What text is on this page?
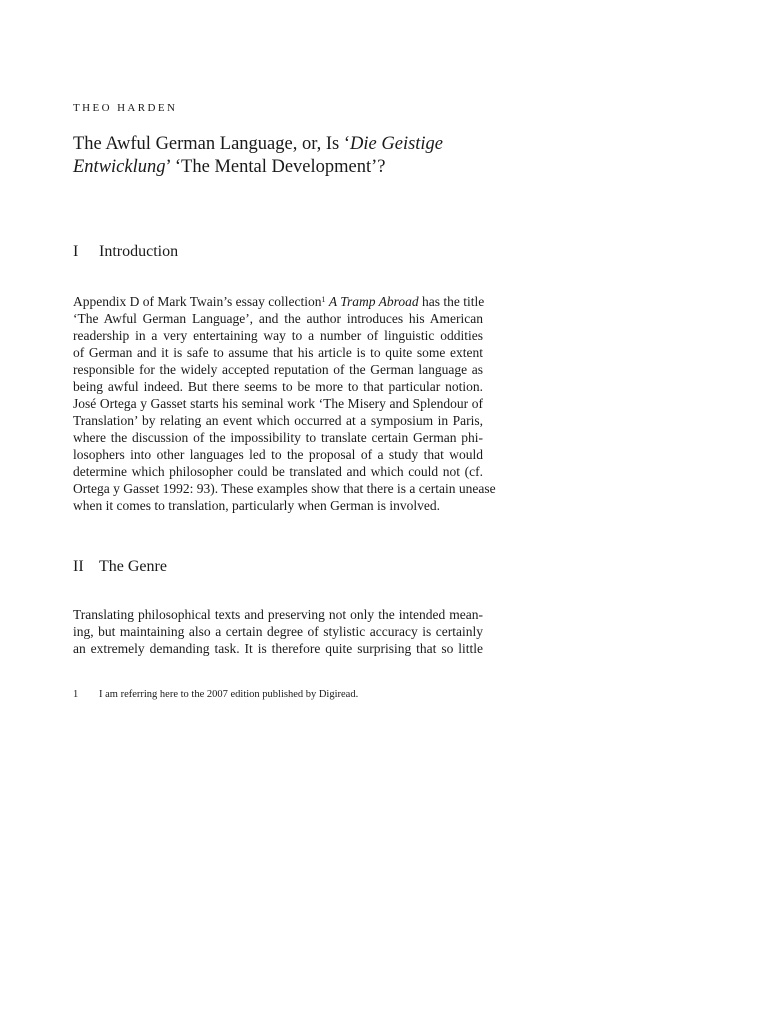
THEO HARDEN
The Awful German Language, or, Is ‘Die Geistige
Entwicklung’ ‘The Mental Development’?
I Introduction
Appendix D of Mark Twain’s essay collection$^1$ A Tramp Abroad has the title
‘The Awful German Language’, and the author introduces his American
readership in a very entertaining way to a number of linguistic oddities
of German and it is safe to assume that his article is to quite some extent
responsible for the widely accepted reputation of the German language as
being awful indeed. But there seems to be more to that particular notion.
José Ortega y Gasset starts his seminal work ‘The Misery and Splendour of
Translation’ by relating an event which occurred at a symposium in Paris,
where the discussion of the impossibility to translate certain German phi-
losophers into other languages led to the proposal of a study that would
determine which philosopher could be translated and which could not (cf.
Ortega y Gasset 1992: 93). These examples show that there is a certain unease
when it comes to translation, particularly when German is involved.
II The Genre
Translating philosophical texts and preserving not only the intended mean-
ing, but maintaining also a certain degree of stylistic accuracy is certainly
an extremely demanding task. It is therefore quite surprising that so little
1 I am referring here to the 2007 edition published by Digiread.
